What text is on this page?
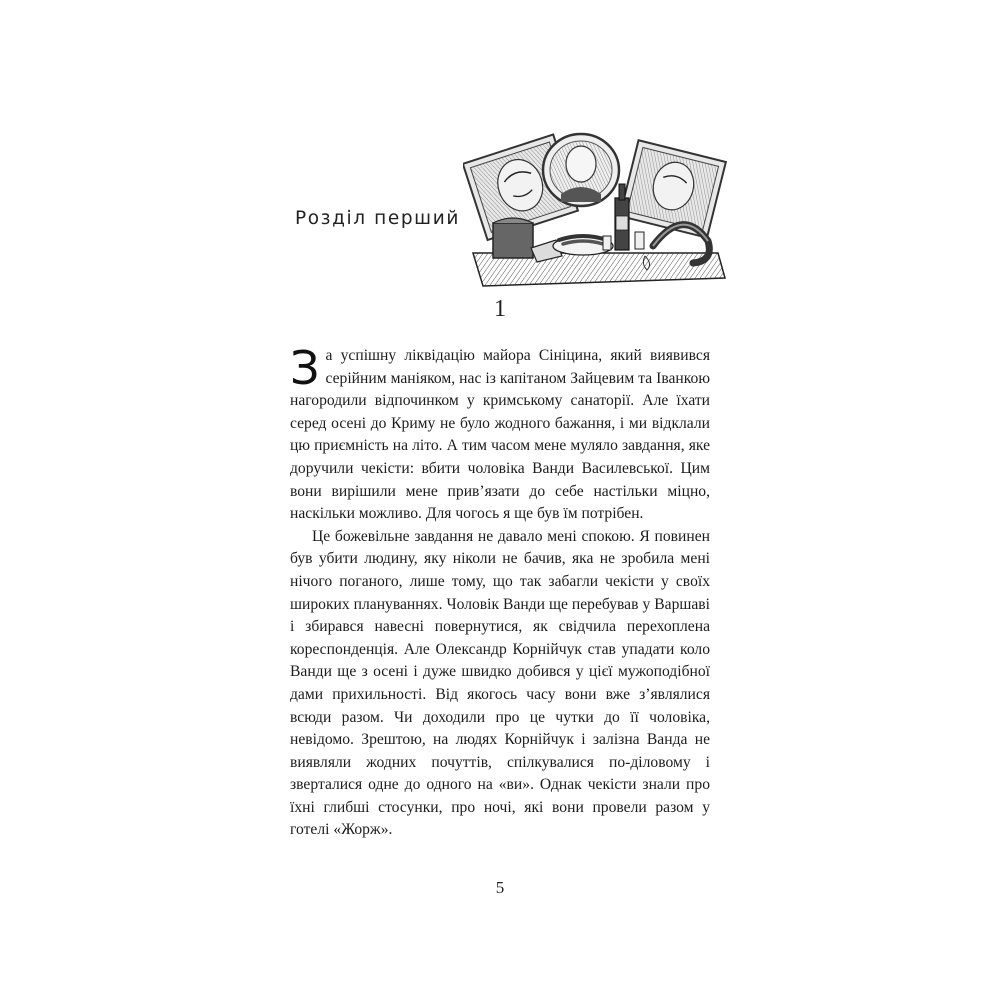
Розділ перший
1

За успішну ліквідацію майора Сініцина, який виявився серійним маніяком, нас із капітаном Зайцевим та Іванкою нагородили відпочинком у кримському санаторії. Але їхати серед осені до Криму не було жодного бажання, і ми відклали цю приємність на літо. А тим часом мене муляло завдання, яке доручили чекісти: вбити чоловіка Ванди Василевської. Цим вони вирішили мене прив’язати до себе настільки міцно, наскільки можливо. Для чогось я ще був їм потрібен.

Це божевільне завдання не давало мені спокою. Я повинен був убити людину, яку ніколи не бачив, яка не зробила мені нічого поганого, лише тому, що так забагли чекісти у своїх широких плануваннях. Чоловік Ванди ще перебував у Варшаві і збирався навесні повернутися, як свідчила перехоплена кореспонденція. Але Олександр Корнійчук став упадати коло Ванди ще з осені і дуже швидко добився у цієї мужоподібної дами прихильності. Від якогось часу вони вже з’являлися всюди разом. Чи доходили про це чутки до її чоловіка, невідомо. Зрештою, на людях Корнійчук і залізна Ванда не виявляли жодних почуттів, спілкувалися по-діловому і зверталися одне до одного на «ви». Однак чекісти знали про їхні глибші стосунки, про ночі, які вони провели разом у готелі «Жорж».

5
